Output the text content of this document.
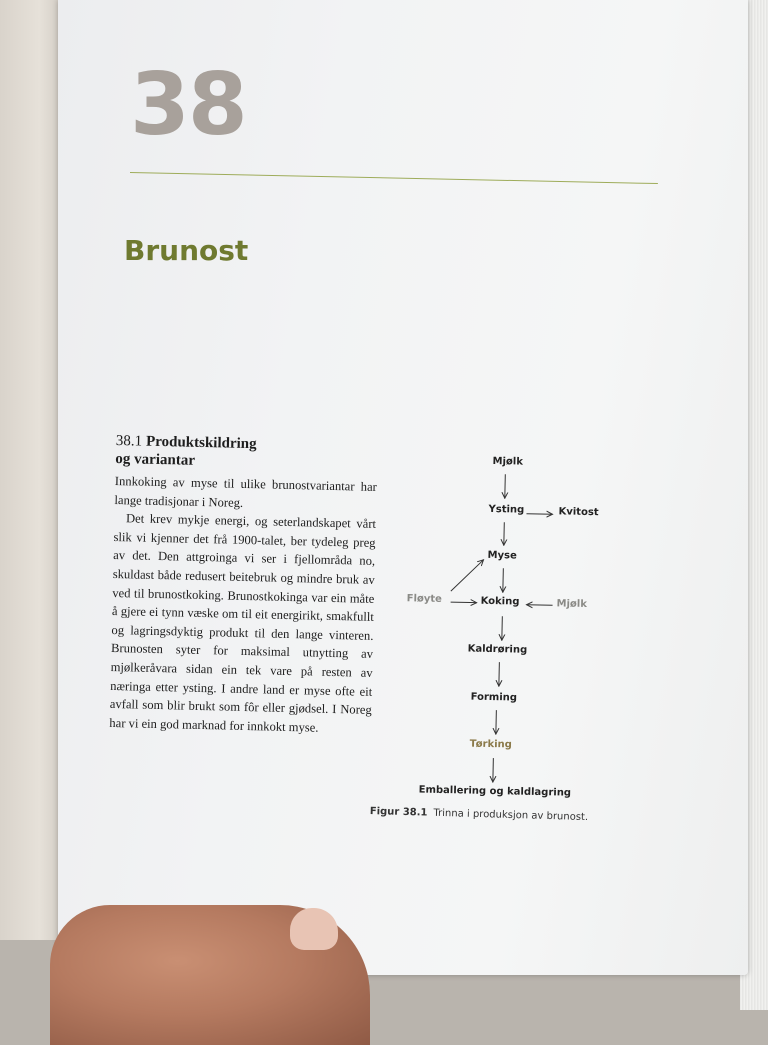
38
Brunost
38.1 Produktskildring
og variantar

Innkoking av myse til ulike brunostvariantar har lange tradisjonar i Noreg.

Det krev mykje energi, og seterlandskapet vårt slik vi kjenner det frå 1900-talet, ber tydeleg preg av det. Den attgroinga vi ser i fjellområda no, skuldast både redusert beitebruk og mindre bruk av ved til brunostkoking. Brunostkokinga var ein måte å gjere ei tynn væske om til eit energirikt, smakfullt og lagringsdyktig produkt til den lange vinteren. Brunosten syter for maksimal utnytting av mjølkeråvara sidan ein tek vare på resten av næringa etter ysting. I andre land er myse ofte eit avfall som blir brukt som fôr eller gjødsel. I Noreg har vi ein god marknad for innkokt myse.

Mjølk
Ysting	Kvitost
Myse
Fløyte	Koking	Mjølk
Kaldrøring
Forming
Tørking
Emballering og kaldlagring
Figur 38.1 Trinna i produksjon av brunost.
